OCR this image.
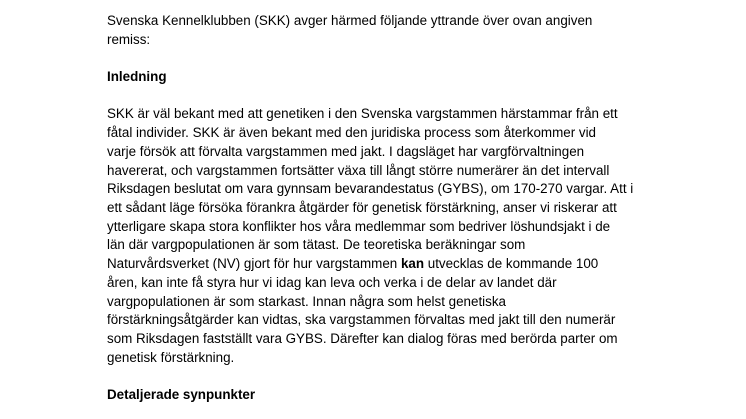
Svenska Kennelklubben (SKK) avger härmed följande yttrande över ovan angiven
remiss:
Inledning
SKK är väl bekant med att genetiken i den Svenska vargstammen härstammar från ett
fåtal individer. SKK är även bekant med den juridiska process som återkommer vid
varje försök att förvalta vargstammen med jakt. I dagsläget har vargförvaltningen
havererat, och vargstammen fortsätter växa till långt större numerärer än det intervall
Riksdagen beslutat om vara gynnsam bevarandestatus (GYBS), om 170-270 vargar. Att i
ett sådant läge försöka förankra åtgärder för genetisk förstärkning, anser vi riskerar att
ytterligare skapa stora konflikter hos våra medlemmar som bedriver löshundsjakt i de
län där vargpopulationen är som tätast. De teoretiska beräkningar som
Naturvårdsverket (NV) gjort för hur vargstammen kan utvecklas de kommande 100
åren, kan inte få styra hur vi idag kan leva och verka i de delar av landet där
vargpopulationen är som starkast. Innan några som helst genetiska
förstärkningsåtgärder kan vidtas, ska vargstammen förvaltas med jakt till den numerär
som Riksdagen fastställt vara GYBS. Därefter kan dialog föras med berörda parter om
genetisk förstärkning.
Detaljerade synpunkter
